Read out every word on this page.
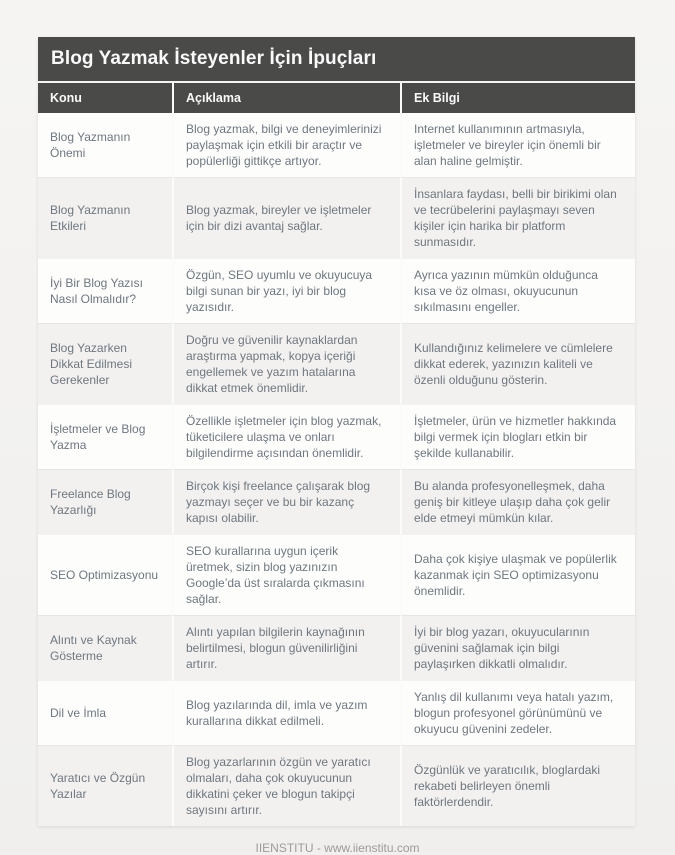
Blog Yazmak İsteyenler İçin İpuçları
Konu	Açıklama	Ek Bilgi
Blog Yazmanın Önemi	Blog yazmak, bilgi ve deneyimlerinizi paylaşmak için etkili bir araçtır ve popülerliği gittikçe artıyor.	Internet kullanımının artmasıyla, işletmeler ve bireyler için önemli bir alan haline gelmiştir.
Blog Yazmanın Etkileri	Blog yazmak, bireyler ve işletmeler için bir dizi avantaj sağlar.	İnsanlara faydası, belli bir birikimi olan ve tecrübelerini paylaşmayı seven kişiler için harika bir platform sunmasıdır.
İyi Bir Blog Yazısı Nasıl Olmalıdır?	Özgün, SEO uyumlu ve okuyucuya bilgi sunan bir yazı, iyi bir blog yazısıdır.	Ayrıca yazının mümkün olduğunca kısa ve öz olması, okuyucunun sıkılmasını engeller.
Blog Yazarken Dikkat Edilmesi Gerekenler	Doğru ve güvenilir kaynaklardan araştırma yapmak, kopya içeriği engellemek ve yazım hatalarına dikkat etmek önemlidir.	Kullandığınız kelimelere ve cümlelere dikkat ederek, yazınızın kaliteli ve özenli olduğunu gösterin.
İşletmeler ve Blog Yazma	Özellikle işletmeler için blog yazmak, tüketicilere ulaşma ve onları bilgilendirme açısından önemlidir.	İşletmeler, ürün ve hizmetler hakkında bilgi vermek için blogları etkin bir şekilde kullanabilir.
Freelance Blog Yazarlığı	Birçok kişi freelance çalışarak blog yazmayı seçer ve bu bir kazanç kapısı olabilir.	Bu alanda profesyonelleşmek, daha geniş bir kitleye ulaşıp daha çok gelir elde etmeyi mümkün kılar.
SEO Optimizasyonu	SEO kurallarına uygun içerik üretmek, sizin blog yazınızın Google’da üst sıralarda çıkmasını sağlar.	Daha çok kişiye ulaşmak ve popülerlik kazanmak için SEO optimizasyonu önemlidir.
Alıntı ve Kaynak Gösterme	Alıntı yapılan bilgilerin kaynağının belirtilmesi, blogun güvenilirliğini artırır.	İyi bir blog yazarı, okuyucularının güvenini sağlamak için bilgi paylaşırken dikkatli olmalıdır.
Dil ve İmla	Blog yazılarında dil, imla ve yazım kurallarına dikkat edilmeli.	Yanlış dil kullanımı veya hatalı yazım, blogun profesyonel görünümünü ve okuyucu güvenini zedeler.
Yaratıcı ve Özgün Yazılar	Blog yazarlarının özgün ve yaratıcı olmaları, daha çok okuyucunun dikkatini çeker ve blogun takipçi sayısını artırır.	Özgünlük ve yaratıcılık, bloglardaki rekabeti belirleyen önemli faktörlerdendir.
IIENSTITU - www.iienstitu.com
